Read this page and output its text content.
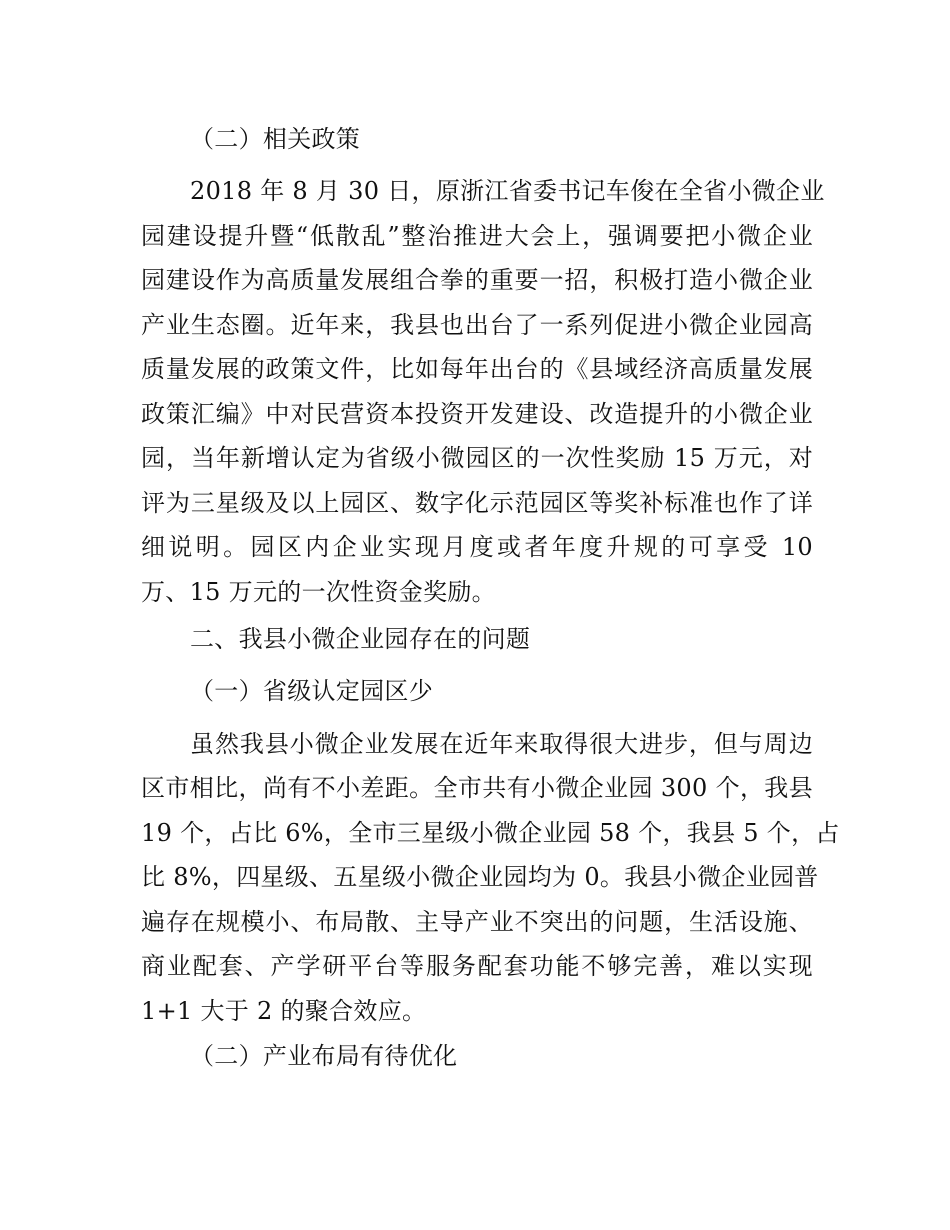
（二）相关政策
2018 年 8 月 30 日，原浙江省委书记车俊在全省小微企业
园建设提升暨“低散乱”整治推进大会上，强调要把小微企业
园建设作为高质量发展组合拳的重要一招，积极打造小微企业
产业生态圈。近年来，我县也出台了一系列促进小微企业园高
质量发展的政策文件，比如每年出台的《县域经济高质量发展
政策汇编》中对民营资本投资开发建设、改造提升的小微企业
园，当年新增认定为省级小微园区的一次性奖励 15 万元，对
评为三星级及以上园区、数字化示范园区等奖补标准也作了详
细说明。园区内企业实现月度或者年度升规的可享受 10
万、15 万元的一次性资金奖励。
二、我县小微企业园存在的问题
（一）省级认定园区少
虽然我县小微企业发展在近年来取得很大进步，但与周边
区市相比，尚有不小差距。全市共有小微企业园 300 个，我县
19 个，占比 6%，全市三星级小微企业园 58 个，我县 5 个，占
比 8%，四星级、五星级小微企业园均为 0。我县小微企业园普
遍存在规模小、布局散、主导产业不突出的问题，生活设施、
商业配套、产学研平台等服务配套功能不够完善，难以实现
1+1 大于 2 的聚合效应。
（二）产业布局有待优化
